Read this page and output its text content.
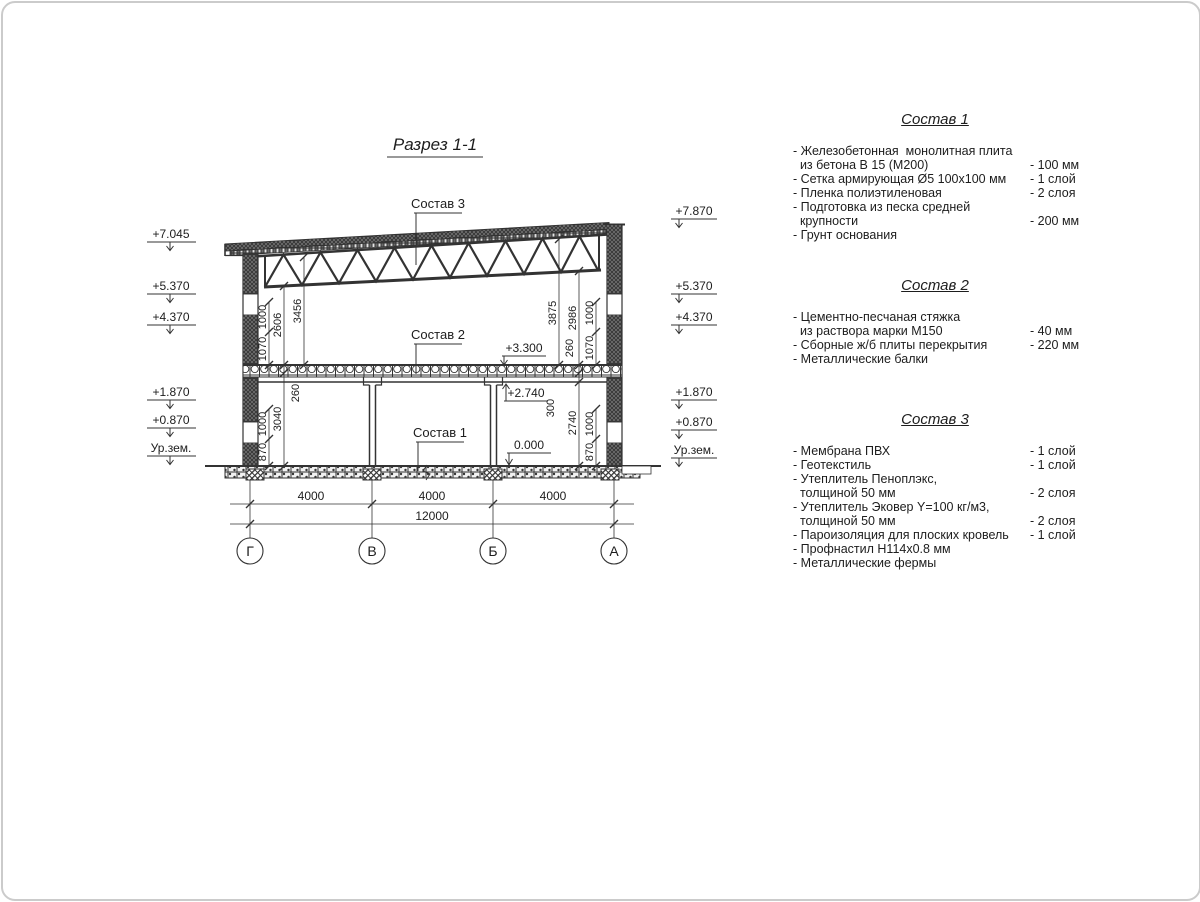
Разрез 1-1
1070
1000 2606
3456
260
870
1000 3040
3875 2986
260 1070
1000
300
2740 1000
870
+3.300
+2.740
0.000
Состав 3
Состав 2
Состав 1
+7.045
+5.370
+4.370
+1.870
+0.870
Ур.зем.
+7.870
+5.370
+4.370
+1.870
+0.870
Ур.зем.
4000	4000	4000
12000
Г	В	Б	А
Состав 1
- Железобетонная  монолитная плита
из бетона В 15 (М200)	- 100 мм
- Сетка армирующая Ø5 100х100 мм	- 1 слой
- Пленка полиэтиленовая	- 2 слоя
- Подготовка из песка средней
крупности	- 200 мм
- Грунт основания
Состав 2
- Цементно-песчаная стяжка
из раствора марки М150	- 40 мм
- Сборные ж/б плиты перекрытия	- 220 мм
- Металлические балки
Состав 3
- Мембрана ПВХ	- 1 слой
- Геотекстиль	- 1 слой
- Утеплитель Пеноплэкс,
толщиной 50 мм	- 2 слоя
- Утеплитель Эковер Y=100 кг/м3,
толщиной 50 мм	- 2 слоя
- Пароизоляция для плоских кровель	- 1 слой
- Профнастил Н114х0.8 мм
- Металлические фермы
